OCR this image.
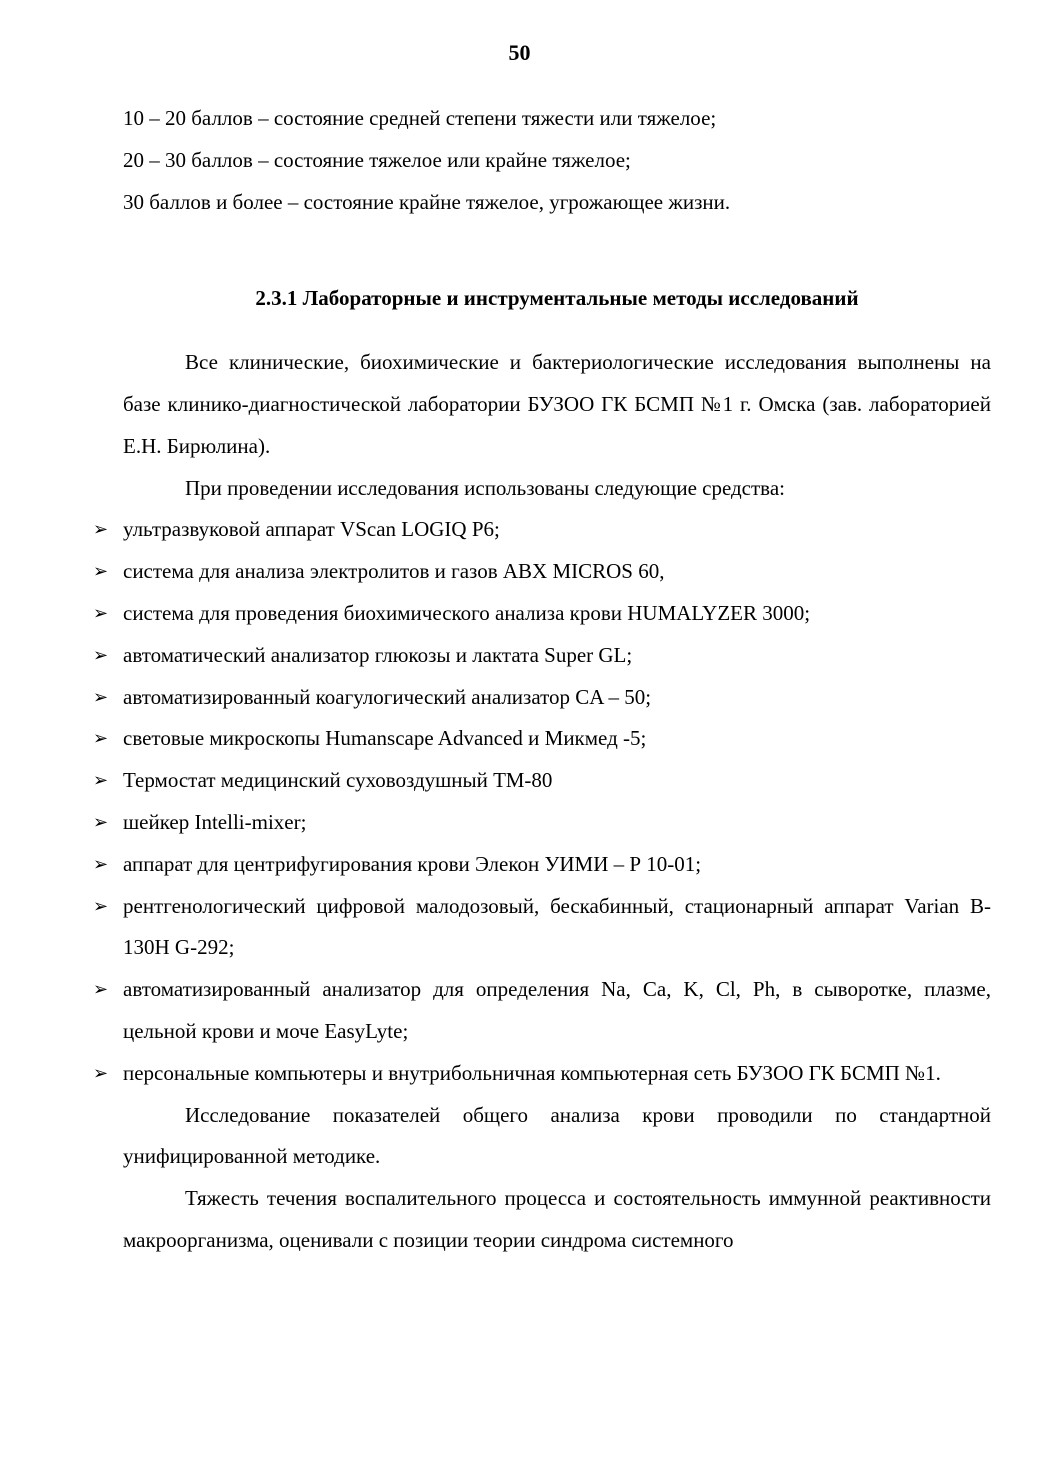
50

10 – 20 баллов – состояние средней степени тяжести или тяжелое;

20 – 30 баллов – состояние тяжелое или крайне тяжелое;

30 баллов и более – состояние крайне тяжелое, угрожающее жизни.

2.3.1 Лабораторные и инструментальные методы исследований

Все клинические, биохимические и бактериологические исследования выполнены на базе клинико-диагностической лаборатории БУЗОО ГК БСМП №1 г. Омска (зав. лабораторией Е.Н. Бирюлина).

При проведении исследования использованы следующие средства:

➢ ультразвуковой аппарат VScan LOGIQ P6;
➢ система для анализа электролитов и газов ABX MICROS 60,
➢ система для проведения биохимического анализа крови HUMALYZER 3000;
➢ автоматический анализатор глюкозы и лактата Super GL;
➢ автоматизированный коагулогический анализатор CA – 50;
➢ световые микроскопы Humanscape Advanced и Микмед -5;
➢ Термостат медицинский суховоздушный ТМ-80
➢ шейкер Intelli-mixer;
➢ аппарат для центрифугирования крови Элекон УИМИ – Р 10-01;
➢ рентгенологический цифровой малодозовый, бескабинный, стационарный аппарат Varian B-130H G-292;
➢ автоматизированный анализатор для определения Na, Ca, K, Cl, Ph, в сыворотке, плазме, цельной крови и моче EasyLyte;
➢ персональные компьютеры и внутрибольничная компьютерная сеть БУЗОО ГК БСМП №1.

Исследование показателей общего анализа крови проводили по стандартной унифицированной методике.

Тяжесть течения воспалительного процесса и состоятельность иммунной реактивности макроорганизма, оценивали с позиции теории синдрома системного
